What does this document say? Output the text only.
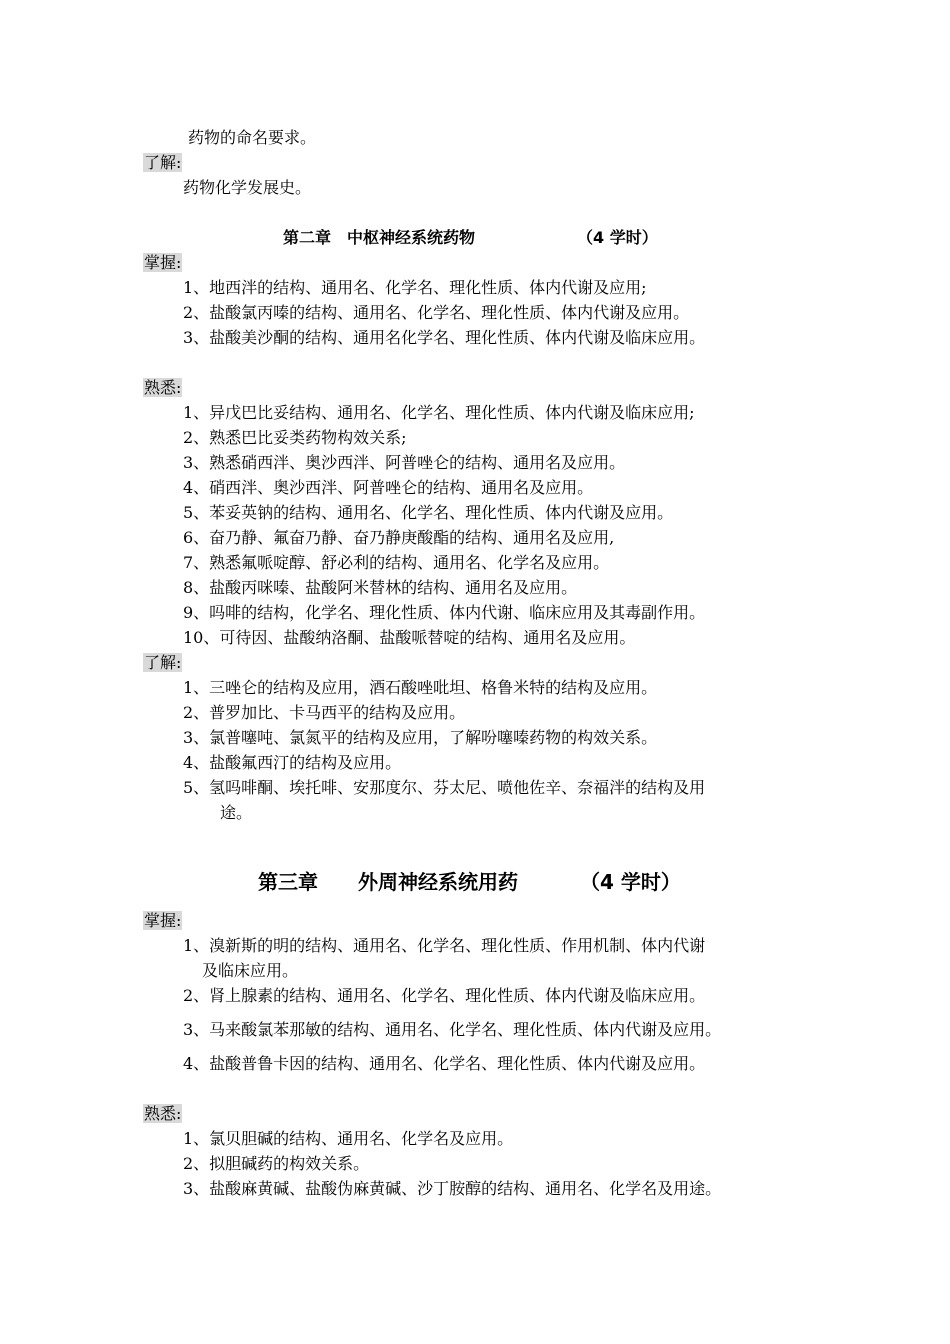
药物的命名要求。
了解:
药物化学发展史。
第二章　中枢神经系统药物	（4 学时）
掌握:
1、地西泮的结构、通用名、化学名、理化性质、体内代谢及应用;
2、盐酸氯丙嗪的结构、通用名、化学名、理化性质、体内代谢及应用。
3、盐酸美沙酮的结构、通用名化学名、理化性质、体内代谢及临床应用。
熟悉:
1、异戊巴比妥结构、通用名、化学名、理化性质、体内代谢及临床应用;
2、熟悉巴比妥类药物构效关系;
3、熟悉硝西泮、奥沙西泮、阿普唑仑的结构、通用名及应用。
4、硝西泮、奥沙西泮、阿普唑仑的结构、通用名及应用。
5、苯妥英钠的结构、通用名、化学名、理化性质、体内代谢及应用。
6、奋乃静、氟奋乃静、奋乃静庚酸酯的结构、通用名及应用,
7、熟悉氟哌啶醇、舒必利的结构、通用名、化学名及应用。
8、盐酸丙咪嗪、盐酸阿米替林的结构、通用名及应用。
9、吗啡的结构，化学名、理化性质、体内代谢、临床应用及其毒副作用。
10、可待因、盐酸纳洛酮、盐酸哌替啶的结构、通用名及应用。
了解:
1、三唑仑的结构及应用，酒石酸唑吡坦、格鲁米特的结构及应用。
2、普罗加比、卡马西平的结构及应用。
3、氯普噻吨、氯氮平的结构及应用，了解吩噻嗪药物的构效关系。
4、盐酸氟西汀的结构及应用。
5、氢吗啡酮、埃托啡、安那度尔、芬太尼、喷他佐辛、奈福泮的结构及用
途。
第三章　　外周神经系统用药	（4 学时）
掌握:
1、溴新斯的明的结构、通用名、化学名、理化性质、作用机制、体内代谢
及临床应用。
2、肾上腺素的结构、通用名、化学名、理化性质、体内代谢及临床应用。
3、马来酸氯苯那敏的结构、通用名、化学名、理化性质、体内代谢及应用。
4、盐酸普鲁卡因的结构、通用名、化学名、理化性质、体内代谢及应用。
熟悉:
1、氯贝胆碱的结构、通用名、化学名及应用。
2、拟胆碱药的构效关系。
3、盐酸麻黄碱、盐酸伪麻黄碱、沙丁胺醇的结构、通用名、化学名及用途。
